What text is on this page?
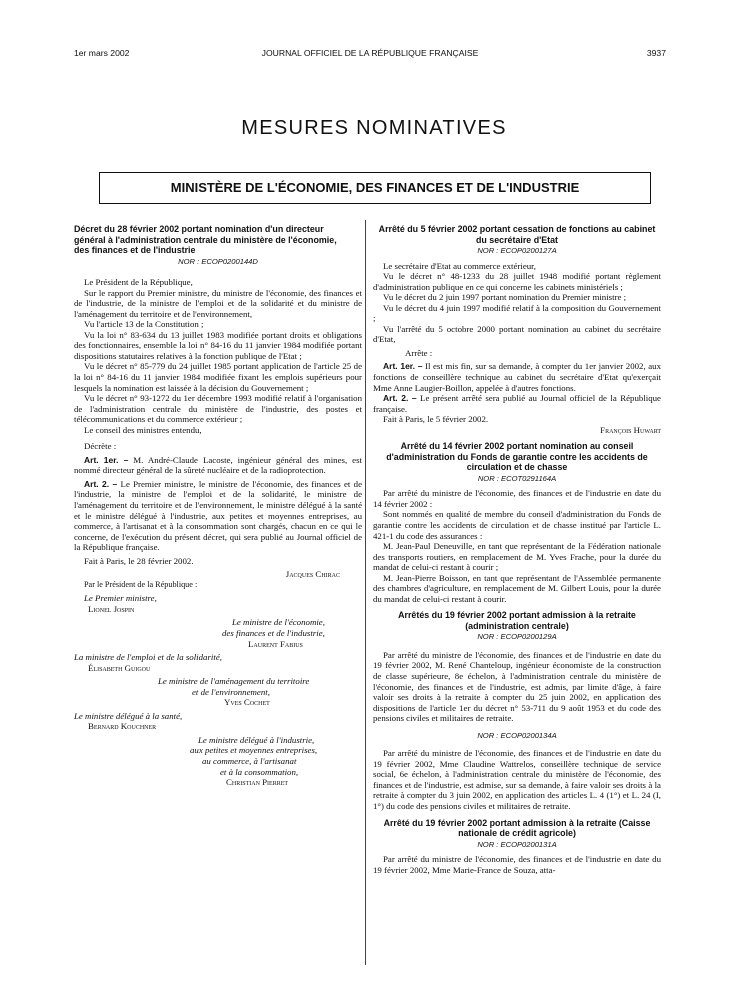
1er mars 2002	JOURNAL OFFICIEL DE LA RÉPUBLIQUE FRANÇAISE	3937
MESURES NOMINATIVES
MINISTÈRE DE L'ÉCONOMIE, DES FINANCES ET DE L'INDUSTRIE

Décret du 28 février 2002 portant nomination d'un directeur général à l'administration centrale du ministère de l'économie, des finances et de l'industrie

NOR : ECOP0200144D

Le Président de la République,

Sur le rapport du Premier ministre, du ministre de l'économie, des finances et de l'industrie, de la ministre de l'emploi et de la solidarité et du ministre de l'aménagement du territoire et de l'environnement,

Vu l'article 13 de la Constitution ;

Vu la loi n° 83-634 du 13 juillet 1983 modifiée portant droits et obligations des fonctionnaires, ensemble la loi n° 84-16 du 11 janvier 1984 modifiée portant dispositions statutaires relatives à la fonction publique de l'Etat ;

Vu le décret n° 85-779 du 24 juillet 1985 portant application de l'article 25 de la loi n° 84-16 du 11 janvier 1984 modifiée fixant les emplois supérieurs pour lesquels la nomination est laissée à la décision du Gouvernement ;

Vu le décret n° 93-1272 du 1er décembre 1993 modifié relatif à l'organisation de l'administration centrale du ministère de l'industrie, des postes et télécommunications et du commerce extérieur ;

Le conseil des ministres entendu,

Décrète :

Art. 1er. – M. André-Claude Lacoste, ingénieur général des mines, est nommé directeur général de la sûreté nucléaire et de la radioprotection.

Art. 2. – Le Premier ministre, le ministre de l'économie, des finances et de l'industrie, la ministre de l'emploi et de la solidarité, le ministre de l'aménagement du territoire et de l'environnement, le ministre délégué à la santé et le ministre délégué à l'industrie, aux petites et moyennes entreprises, au commerce, à l'artisanat et à la consommation sont chargés, chacun en ce qui le concerne, de l'exécution du présent décret, qui sera publié au Journal officiel de la République française.

Fait à Paris, le 28 février 2002.

Jacques Chirac

Par le Président de la République :

Le Premier ministre,

Lionel Jospin

Le ministre de l'économie,

des finances et de l'industrie,

Laurent Fabius

La ministre de l'emploi et de la solidarité,

Élisabeth Guigou

Le ministre de l'aménagement du territoire

et de l'environnement,

Yves Cochet

Le ministre délégué à la santé,

Bernard Kouchner

Le ministre délégué à l'industrie,

aux petites et moyennes entreprises,

au commerce, à l'artisanat

et à la consommation,

Christian Pierret

Arrêté du 5 février 2002 portant cessation de fonctions au cabinet du secrétaire d'Etat

NOR : ECOP0200127A

Le secrétaire d'Etat au commerce extérieur,

Vu le décret n° 48-1233 du 28 juillet 1948 modifié portant règlement d'administration publique en ce qui concerne les cabinets ministériels ;

Vu le décret du 2 juin 1997 portant nomination du Premier ministre ;

Vu le décret du 4 juin 1997 modifié relatif à la composition du Gouvernement ;

Vu l'arrêté du 5 octobre 2000 portant nomination au cabinet du secrétaire d'Etat,

Arrête :

Art. 1er. – Il est mis fin, sur sa demande, à compter du 1er janvier 2002, aux fonctions de conseillère technique au cabinet du secrétaire d'Etat qu'exerçait Mme Anne Laugier-Boillon, appelée à d'autres fonctions.

Art. 2. – Le présent arrêté sera publié au Journal officiel de la République française.

Fait à Paris, le 5 février 2002.

François Huwart

Arrêté du 14 février 2002 portant nomination au conseil d'administration du Fonds de garantie contre les accidents de circulation et de chasse

NOR : ECOT0291164A

Par arrêté du ministre de l'économie, des finances et de l'industrie en date du 14 février 2002 :

Sont nommés en qualité de membre du conseil d'administration du Fonds de garantie contre les accidents de circulation et de chasse institué par l'article L. 421-1 du code des assurances :

M. Jean-Paul Deneuville, en tant que représentant de la Fédération nationale des transports routiers, en remplacement de M. Yves Frache, pour la durée du mandat de celui-ci restant à courir ;

M. Jean-Pierre Boisson, en tant que représentant de l'Assemblée permanente des chambres d'agriculture, en remplacement de M. Gilbert Louis, pour la durée du mandat de celui-ci restant à courir.

Arrêtés du 19 février 2002 portant admission à la retraite (administration centrale)

NOR : ECOP0200129A

Par arrêté du ministre de l'économie, des finances et de l'industrie en date du 19 février 2002, M. René Chanteloup, ingénieur économiste de la construction de classe supérieure, 8e échelon, à l'administration centrale du ministère de l'économie, des finances et de l'industrie, est admis, par limite d'âge, à faire valoir ses droits à la retraite à compter du 25 juin 2002, en application des dispositions de l'article 1er du décret n° 53-711 du 9 août 1953 et du code des pensions civiles et militaires de retraite.

NOR : ECOP0200134A

Par arrêté du ministre de l'économie, des finances et de l'industrie en date du 19 février 2002, Mme Claudine Wattrelos, conseillère technique de service social, 6e échelon, à l'administration centrale du ministère de l'économie, des finances et de l'industrie, est admise, sur sa demande, à faire valoir ses droits à la retraite à compter du 3 juin 2002, en application des articles L. 4 (1°) et L. 24 (I, 1°) du code des pensions civiles et militaires de retraite.

Arrêté du 19 février 2002 portant admission à la retraite (Caisse nationale de crédit agricole)

NOR : ECOP0200131A

Par arrêté du ministre de l'économie, des finances et de l'industrie en date du 19 février 2002, Mme Marie-France de Souza, atta-
